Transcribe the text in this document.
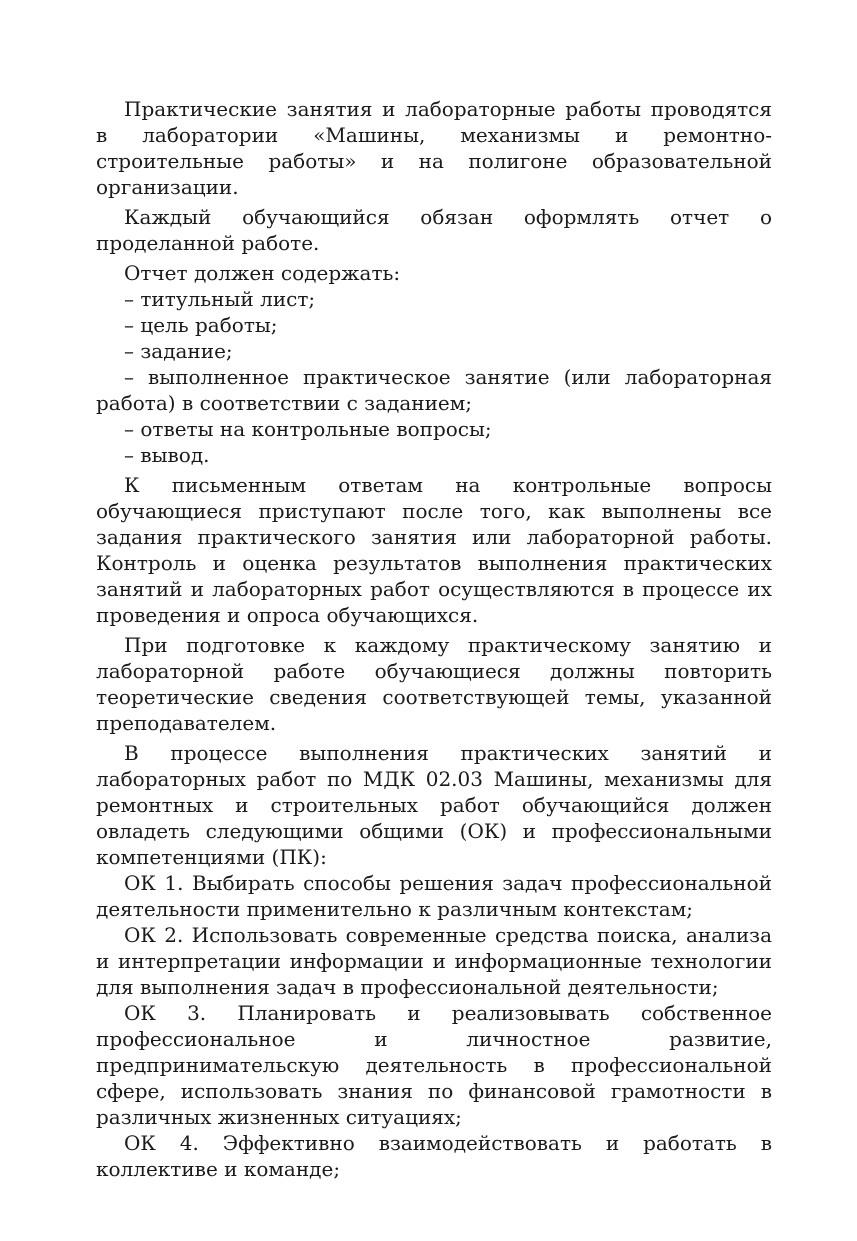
Практические занятия и лабораторные работы проводятся в лаборатории «Машины, механизмы и ремонтно-строительные работы» и на полигоне образовательной организации.

Каждый обучающийся обязан оформлять отчет о проделанной работе.

Отчет должен содержать:

– титульный лист;

– цель работы;

– задание;

– выполненное практическое занятие (или лабораторная работа) в соответствии с заданием;

– ответы на контрольные вопросы;

– вывод.

К письменным ответам на контрольные вопросы обучающиеся приступают после того, как выполнены все задания практического занятия или лабораторной работы. Контроль и оценка результатов выполнения практических занятий и лабораторных работ осуществляются в процессе их проведения и опроса обучающихся.

При подготовке к каждому практическому занятию и лабораторной работе обучающиеся должны повторить теоретические сведения соответствующей темы, указанной преподавателем.

В процессе выполнения практических занятий и лабораторных работ по МДК 02.03 Машины, механизмы для ремонтных и строительных работ обучающийся должен овладеть следующими общими (ОК) и профессиональными компетенциями (ПК):

ОК 1. Выбирать способы решения задач профессиональной деятельности применительно к различным контекстам;

ОК 2. Использовать современные средства поиска, анализа и интерпретации информации и информационные технологии для выполнения задач в профессиональной деятельности;

ОК 3. Планировать и реализовывать собственное профессиональное и личностное развитие, предпринимательскую деятельность в профессиональной сфере, использовать знания по финансовой грамотности в различных жизненных ситуациях;

ОК 4. Эффективно взаимодействовать и работать в коллективе и команде;
